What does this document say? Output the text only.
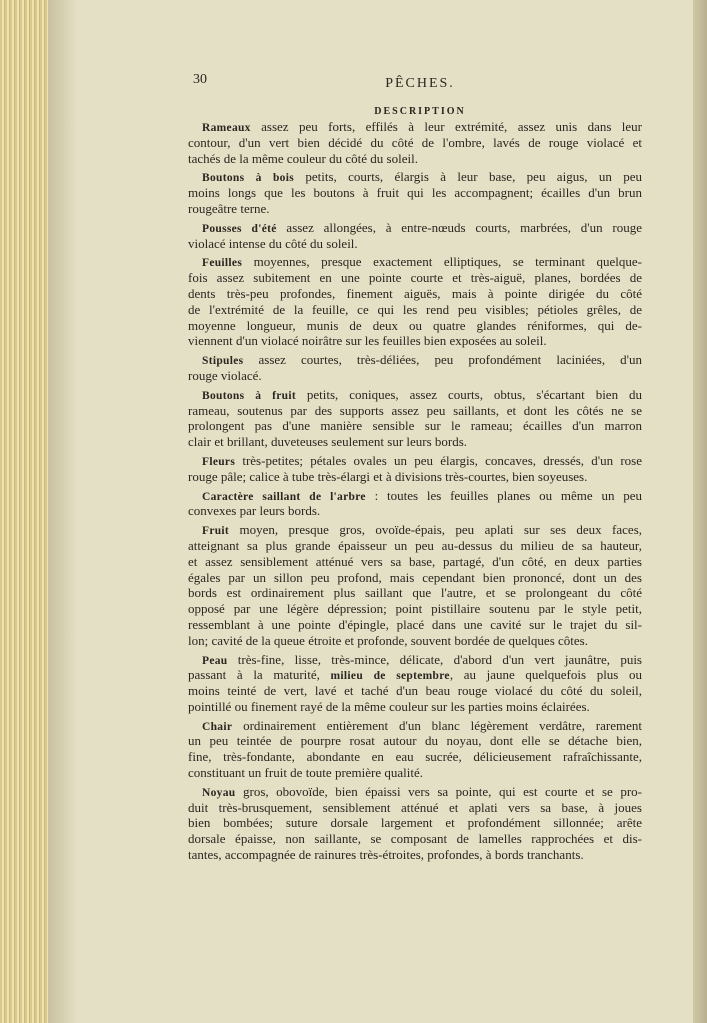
30	PÊCHES.
DESCRIPTION
Rameaux assez peu forts, effilés à leur extrémité, assez unis dans leur
contour, d'un vert bien décidé du côté de l'ombre, lavés de rouge violacé et
tachés de la même couleur du côté du soleil.
Boutons à bois petits, courts, élargis à leur base, peu aigus, un peu
moins longs que les boutons à fruit qui les accompagnent; écailles d'un brun
rougeâtre terne.
Pousses d'été assez allongées, à entre-nœuds courts, marbrées, d'un rouge
violacé intense du côté du soleil.
Feuilles moyennes, presque exactement elliptiques, se terminant quelque-
fois assez subitement en une pointe courte et très-aiguë, planes, bordées de
dents très-peu profondes, finement aiguës, mais à pointe dirigée du côté
de l'extrémité de la feuille, ce qui les rend peu visibles; pétioles grêles, de
moyenne longueur, munis de deux ou quatre glandes réniformes, qui de-
viennent d'un violacé noirâtre sur les feuilles bien exposées au soleil.
Stipules assez courtes, très-déliées, peu profondément laciniées, d'un
rouge violacé.
Boutons à fruit petits, coniques, assez courts, obtus, s'écartant bien du
rameau, soutenus par des supports assez peu saillants, et dont les côtés ne se
prolongent pas d'une manière sensible sur le rameau; écailles d'un marron
clair et brillant, duveteuses seulement sur leurs bords.
Fleurs très-petites; pétales ovales un peu élargis, concaves, dressés, d'un rose
rouge pâle; calice à tube très-élargi et à divisions très-courtes, bien soyeuses.
Caractère saillant de l'arbre : toutes les feuilles planes ou même un peu
convexes par leurs bords.
Fruit moyen, presque gros, ovoïde-épais, peu aplati sur ses deux faces,
atteignant sa plus grande épaisseur un peu au-dessus du milieu de sa hauteur,
et assez sensiblement atténué vers sa base, partagé, d'un côté, en deux parties
égales par un sillon peu profond, mais cependant bien prononcé, dont un des
bords est ordinairement plus saillant que l'autre, et se prolongeant du côté
opposé par une légère dépression; point pistillaire soutenu par le style petit,
ressemblant à une pointe d'épingle, placé dans une cavité sur le trajet du sil-
lon; cavité de la queue étroite et profonde, souvent bordée de quelques côtes.
Peau très-fine, lisse, très-mince, délicate, d'abord d'un vert jaunâtre, puis
passant à la maturité, milieu de septembre, au jaune quelquefois plus ou
moins teinté de vert, lavé et taché d'un beau rouge violacé du côté du soleil,
pointillé ou finement rayé de la même couleur sur les parties moins éclairées.
Chair ordinairement entièrement d'un blanc légèrement verdâtre, rarement
un peu teintée de pourpre rosat autour du noyau, dont elle se détache bien,
fine, très-fondante, abondante en eau sucrée, délicieusement rafraîchissante,
constituant un fruit de toute première qualité.
Noyau gros, obovoïde, bien épaissi vers sa pointe, qui est courte et se pro-
duit très-brusquement, sensiblement atténué et aplati vers sa base, à joues
bien bombées; suture dorsale largement et profondément sillonnée; arête
dorsale épaisse, non saillante, se composant de lamelles rapprochées et dis-
tantes, accompagnée de rainures très-étroites, profondes, à bords tranchants.
